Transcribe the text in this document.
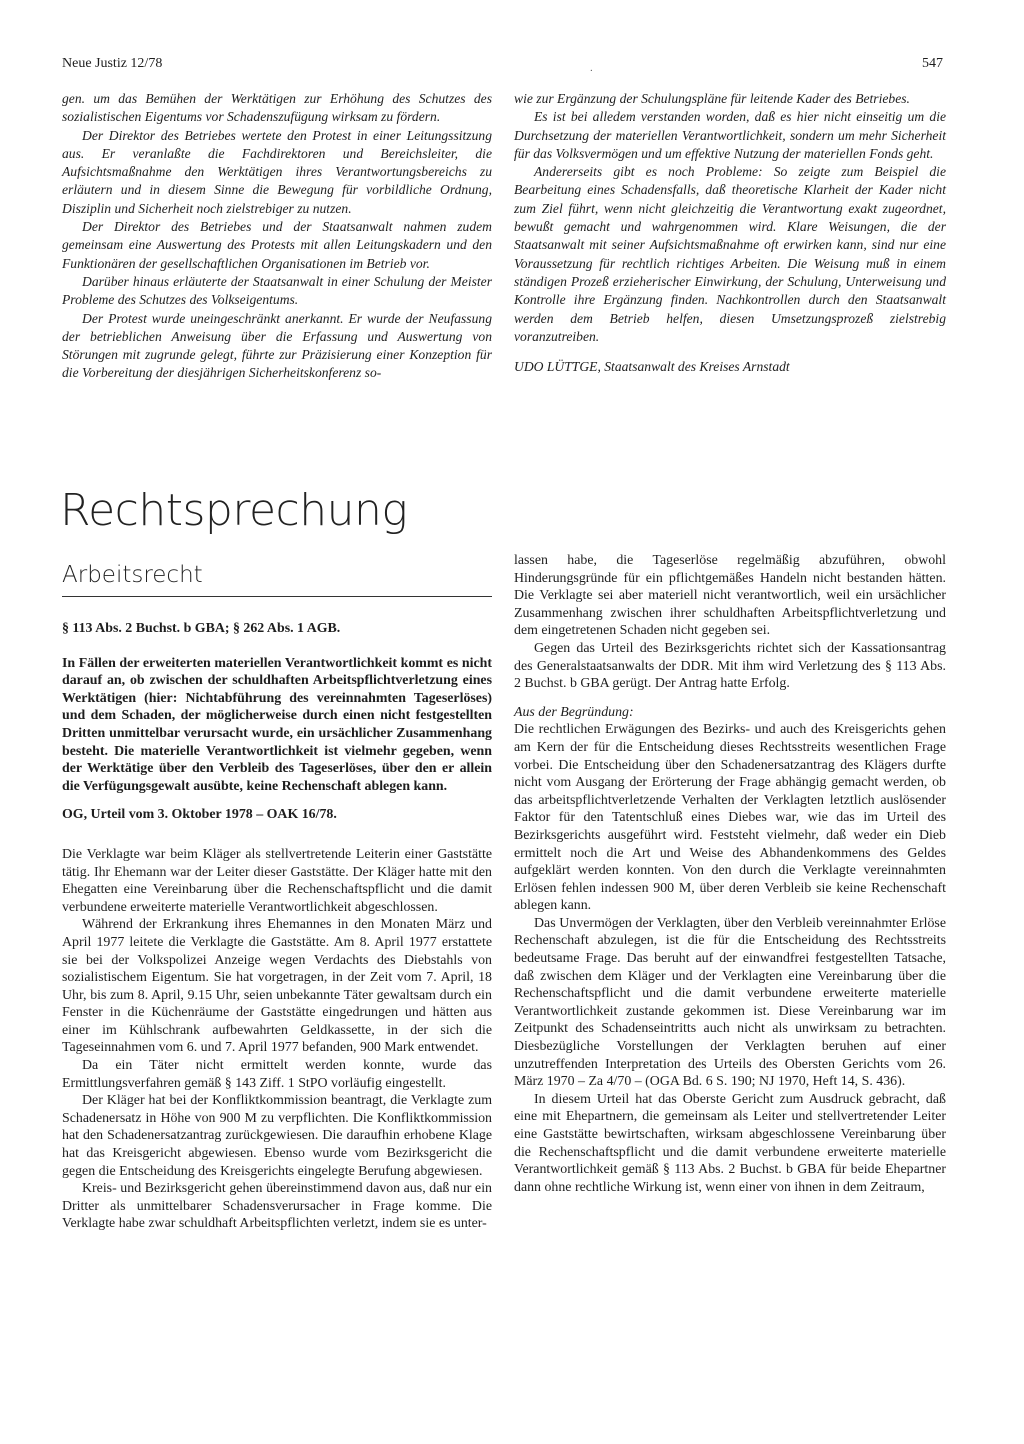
Neue Justiz 12/78	.	547

gen. um das Bemühen der Werktätigen zur Erhöhung des Schutzes des sozialistischen Eigentums vor Schadenszufügung wirksam zu fördern.

Der Direktor des Betriebes wertete den Protest in einer Leitungssitzung aus. Er veranlaßte die Fachdirektoren und Bereichsleiter, die Aufsichtsmaßnahme den Werktätigen ihres Verantwortungsbereichs zu erläutern und in diesem Sinne die Bewegung für vorbildliche Ordnung, Disziplin und Sicherheit noch zielstrebiger zu nutzen.

Der Direktor des Betriebes und der Staatsanwalt nahmen zudem gemeinsam eine Auswertung des Protests mit allen Leitungskadern und den Funktionären der gesellschaftlichen Organisationen im Betrieb vor.

Darüber hinaus erläuterte der Staatsanwalt in einer Schulung der Meister Probleme des Schutzes des Volkseigentums.

Der Protest wurde uneingeschränkt anerkannt. Er wurde der Neufassung der betrieblichen Anweisung über die Erfassung und Auswertung von Störungen mit zugrunde gelegt, führte zur Präzisierung einer Konzeption für die Vorbereitung der diesjährigen Sicherheitskonferenz so-

wie zur Ergänzung der Schulungspläne für leitende Kader des Betriebes.

Es ist bei alledem verstanden worden, daß es hier nicht einseitig um die Durchsetzung der materiellen Verantwortlichkeit, sondern um mehr Sicherheit für das Volksvermögen und um effektive Nutzung der materiellen Fonds geht.

Andererseits gibt es noch Probleme: So zeigte zum Beispiel die Bearbeitung eines Schadensfalls, daß theoretische Klarheit der Kader nicht zum Ziel führt, wenn nicht gleichzeitig die Verantwortung exakt zugeordnet, bewußt gemacht und wahrgenommen wird. Klare Weisungen, die der Staatsanwalt mit seiner Aufsichtsmaßnahme oft erwirken kann, sind nur eine Voraussetzung für rechtlich richtiges Arbeiten. Die Weisung muß in einem ständigen Prozeß erzieherischer Einwirkung, der Schulung, Unterweisung und Kontrolle ihre Ergänzung finden. Nachkontrollen durch den Staatsanwalt werden dem Betrieb helfen, diesen Umsetzungsprozeß zielstrebig voranzutreiben.

UDO LÜTTGE, Staatsanwalt des Kreises Arnstadt

Rechtsprechung
Arbeitsrecht

§ 113 Abs. 2 Buchst. b GBA; § 262 Abs. 1 AGB.

In Fällen der erweiterten materiellen Verantwortlichkeit kommt es nicht darauf an, ob zwischen der schuldhaften Arbeitspflichtverletzung eines Werktätigen (hier: Nichtabführung des vereinnahmten Tageserlöses) und dem Schaden, der möglicherweise durch einen nicht festgestellten Dritten unmittelbar verursacht wurde, ein ursächlicher Zusammenhang besteht. Die materielle Verantwortlichkeit ist vielmehr gegeben, wenn der Werktätige über den Verbleib des Tageserlöses, über den er allein die Verfügungsgewalt ausübte, keine Rechenschaft ablegen kann.

OG, Urteil vom 3. Oktober 1978 – OAK 16/78.

Die Verklagte war beim Kläger als stellvertretende Leiterin einer Gaststätte tätig. Ihr Ehemann war der Leiter dieser Gaststätte. Der Kläger hatte mit den Ehegatten eine Vereinbarung über die Rechenschaftspflicht und die damit verbundene erweiterte materielle Verantwortlichkeit abgeschlossen.

Während der Erkrankung ihres Ehemannes in den Monaten März und April 1977 leitete die Verklagte die Gaststätte. Am 8. April 1977 erstattete sie bei der Volkspolizei Anzeige wegen Verdachts des Diebstahls von sozialistischem Eigentum. Sie hat vorgetragen, in der Zeit vom 7. April, 18 Uhr, bis zum 8. April, 9.15 Uhr, seien unbekannte Täter gewaltsam durch ein Fenster in die Küchenräume der Gaststätte eingedrungen und hätten aus einer im Kühlschrank aufbewahrten Geldkassette, in der sich die Tageseinnahmen vom 6. und 7. April 1977 befanden, 900 Mark entwendet.

Da ein Täter nicht ermittelt werden konnte, wurde das Ermittlungsverfahren gemäß § 143 Ziff. 1 StPO vorläufig eingestellt.

Der Kläger hat bei der Konfliktkommission beantragt, die Verklagte zum Schadenersatz in Höhe von 900 M zu verpflichten. Die Konfliktkommission hat den Schadenersatzantrag zurückgewiesen. Die daraufhin erhobene Klage hat das Kreisgericht abgewiesen. Ebenso wurde vom Bezirksgericht die gegen die Entscheidung des Kreisgerichts eingelegte Berufung abgewiesen.

Kreis- und Bezirksgericht gehen übereinstimmend davon aus, daß nur ein Dritter als unmittelbarer Schadensverursacher in Frage komme. Die Verklagte habe zwar schuldhaft Arbeitspflichten verletzt, indem sie es unter-

lassen habe, die Tageserlöse regelmäßig abzuführen, obwohl Hinderungsgründe für ein pflichtgemäßes Handeln nicht bestanden hätten. Die Verklagte sei aber materiell nicht verantwortlich, weil ein ursächlicher Zusammenhang zwischen ihrer schuldhaften Arbeitspflichtverletzung und dem eingetretenen Schaden nicht gegeben sei.

Gegen das Urteil des Bezirksgerichts richtet sich der Kassationsantrag des Generalstaatsanwalts der DDR. Mit ihm wird Verletzung des § 113 Abs. 2 Buchst. b GBA gerügt. Der Antrag hatte Erfolg.

Aus der Begründung:

Die rechtlichen Erwägungen des Bezirks- und auch des Kreisgerichts gehen am Kern der für die Entscheidung dieses Rechtsstreits wesentlichen Frage vorbei. Die Entscheidung über den Schadenersatzantrag des Klägers durfte nicht vom Ausgang der Erörterung der Frage abhängig gemacht werden, ob das arbeitspflichtverletzende Verhalten der Verklagten letztlich auslösender Faktor für den Tatentschluß eines Diebes war, wie das im Urteil des Bezirksgerichts ausgeführt wird. Feststeht vielmehr, daß weder ein Dieb ermittelt noch die Art und Weise des Abhandenkommens des Geldes aufgeklärt werden konnten. Von den durch die Verklagte vereinnahmten Erlösen fehlen indessen 900 M, über deren Verbleib sie keine Rechenschaft ablegen kann.

Das Unvermögen der Verklagten, über den Verbleib vereinnahmter Erlöse Rechenschaft abzulegen, ist die für die Entscheidung des Rechtsstreits bedeutsame Frage. Das beruht auf der einwandfrei festgestellten Tatsache, daß zwischen dem Kläger und der Verklagten eine Vereinbarung über die Rechenschaftspflicht und die damit verbundene erweiterte materielle Verantwortlichkeit zustande gekommen ist. Diese Vereinbarung war im Zeitpunkt des Schadenseintritts auch nicht als unwirksam zu betrachten. Diesbezügliche Vorstellungen der Verklagten beruhen auf einer unzutreffenden Interpretation des Urteils des Obersten Gerichts vom 26. März 1970 – Za 4/70 – (OGA Bd. 6 S. 190; NJ 1970, Heft 14, S. 436).

In diesem Urteil hat das Oberste Gericht zum Ausdruck gebracht, daß eine mit Ehepartnern, die gemeinsam als Leiter und stellvertretender Leiter eine Gaststätte bewirtschaften, wirksam abgeschlossene Vereinbarung über die Rechenschaftspflicht und die damit verbundene erweiterte materielle Verantwortlichkeit gemäß § 113 Abs. 2 Buchst. b GBA für beide Ehepartner dann ohne rechtliche Wirkung ist, wenn einer von ihnen in dem Zeitraum,
